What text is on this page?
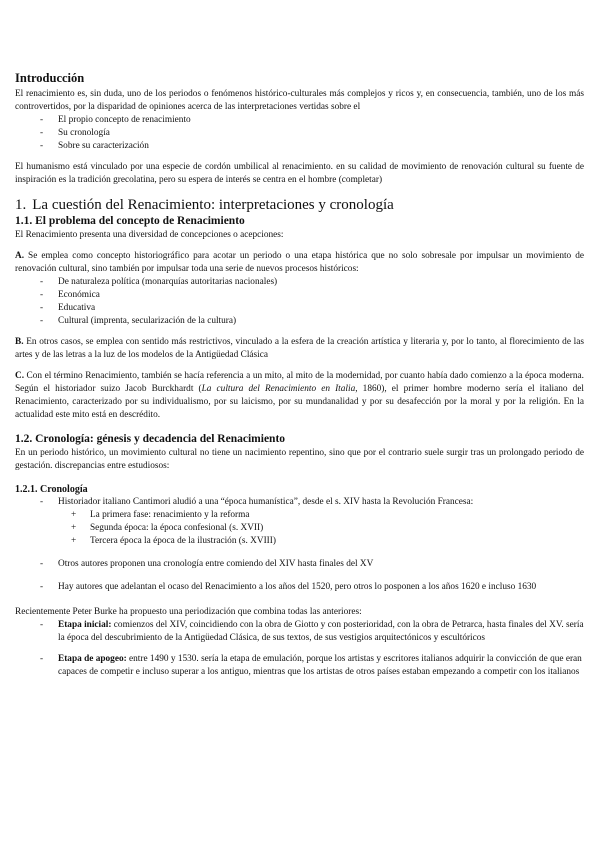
Introducción

El renacimiento es, sin duda, uno de los periodos o fenómenos histórico-culturales más complejos y ricos y, en consecuencia, también, uno de los más controvertidos, por la disparidad de opiniones acerca de las interpretaciones vertidas sobre el

- El propio concepto de renacimiento
- Su cronología
- Sobre su caracterización

El humanismo está vinculado por una especie de cordón umbilical al renacimiento. en su calidad de movimiento de renovación cultural su fuente de inspiración es la tradición grecolatina, pero su espera de interés se centra en el hombre (completar)

1. La cuestión del Renacimiento: interpretaciones y cronología
1.1. El problema del concepto de Renacimiento

El Renacimiento presenta una diversidad de concepciones o acepciones:

A. Se emplea como concepto historiográfico para acotar un periodo o una etapa histórica que no solo sobresale por impulsar un movimiento de renovación cultural, sino también por impulsar toda una serie de nuevos procesos históricos:

- De naturaleza política (monarquías autoritarias nacionales)
- Económica
- Educativa
- Cultural (imprenta, secularización de la cultura)

B. En otros casos, se emplea con sentido más restrictivos, vinculado a la esfera de la creación artística y literaria y, por lo tanto, al florecimiento de las artes y de las letras a la luz de los modelos de la Antigüedad Clásica

C. Con el término Renacimiento, también se hacía referencia a un mito, al mito de la modernidad, por cuanto había dado comienzo a la época moderna. Según el historiador suizo Jacob Burckhardt (La cultura del Renacimiento en Italia, 1860), el primer hombre moderno sería el italiano del Renacimiento, caracterizado por su individualismo, por su laicismo, por su mundanalidad y por su desafección por la moral y por la religión. En la actualidad este mito está en descrédito.

1.2. Cronología: génesis y decadencia del Renacimiento

En un periodo histórico, un movimiento cultural no tiene un nacimiento repentino, sino que por el contrario suele surgir tras un prolongado periodo de gestación. discrepancias entre estudiosos:

1.2.1. Cronología
- Historiador italiano Cantimori aludió a una “época humanística”, desde el s. XIV hasta la Revolución Francesa:
+ La primera fase: renacimiento y la reforma
+ Segunda época: la época confesional (s. XVII)
+ Tercera época la época de la ilustración (s. XVIII)
- Otros autores proponen una cronología entre comiendo del XIV hasta finales del XV
- Hay autores que adelantan el ocaso del Renacimiento a los años del 1520, pero otros lo posponen a los años 1620 e incluso 1630

Recientemente Peter Burke ha propuesto una periodización que combina todas las anteriores:

- Etapa inicial: comienzos del XIV, coincidiendo con la obra de Giotto y con posterioridad, con la obra de Petrarca, hasta finales del XV. sería la época del descubrimiento de la Antigüedad Clásica, de sus textos, de sus vestigios arquitectónicos y escultóricos
- Etapa de apogeo: entre 1490 y 1530. sería la etapa de emulación, porque los artistas y escritores italianos adquirir la convicción de que eran capaces de competir e incluso superar a los antiguo, mientras que los artistas de otros países estaban empezando a competir con los italianos
